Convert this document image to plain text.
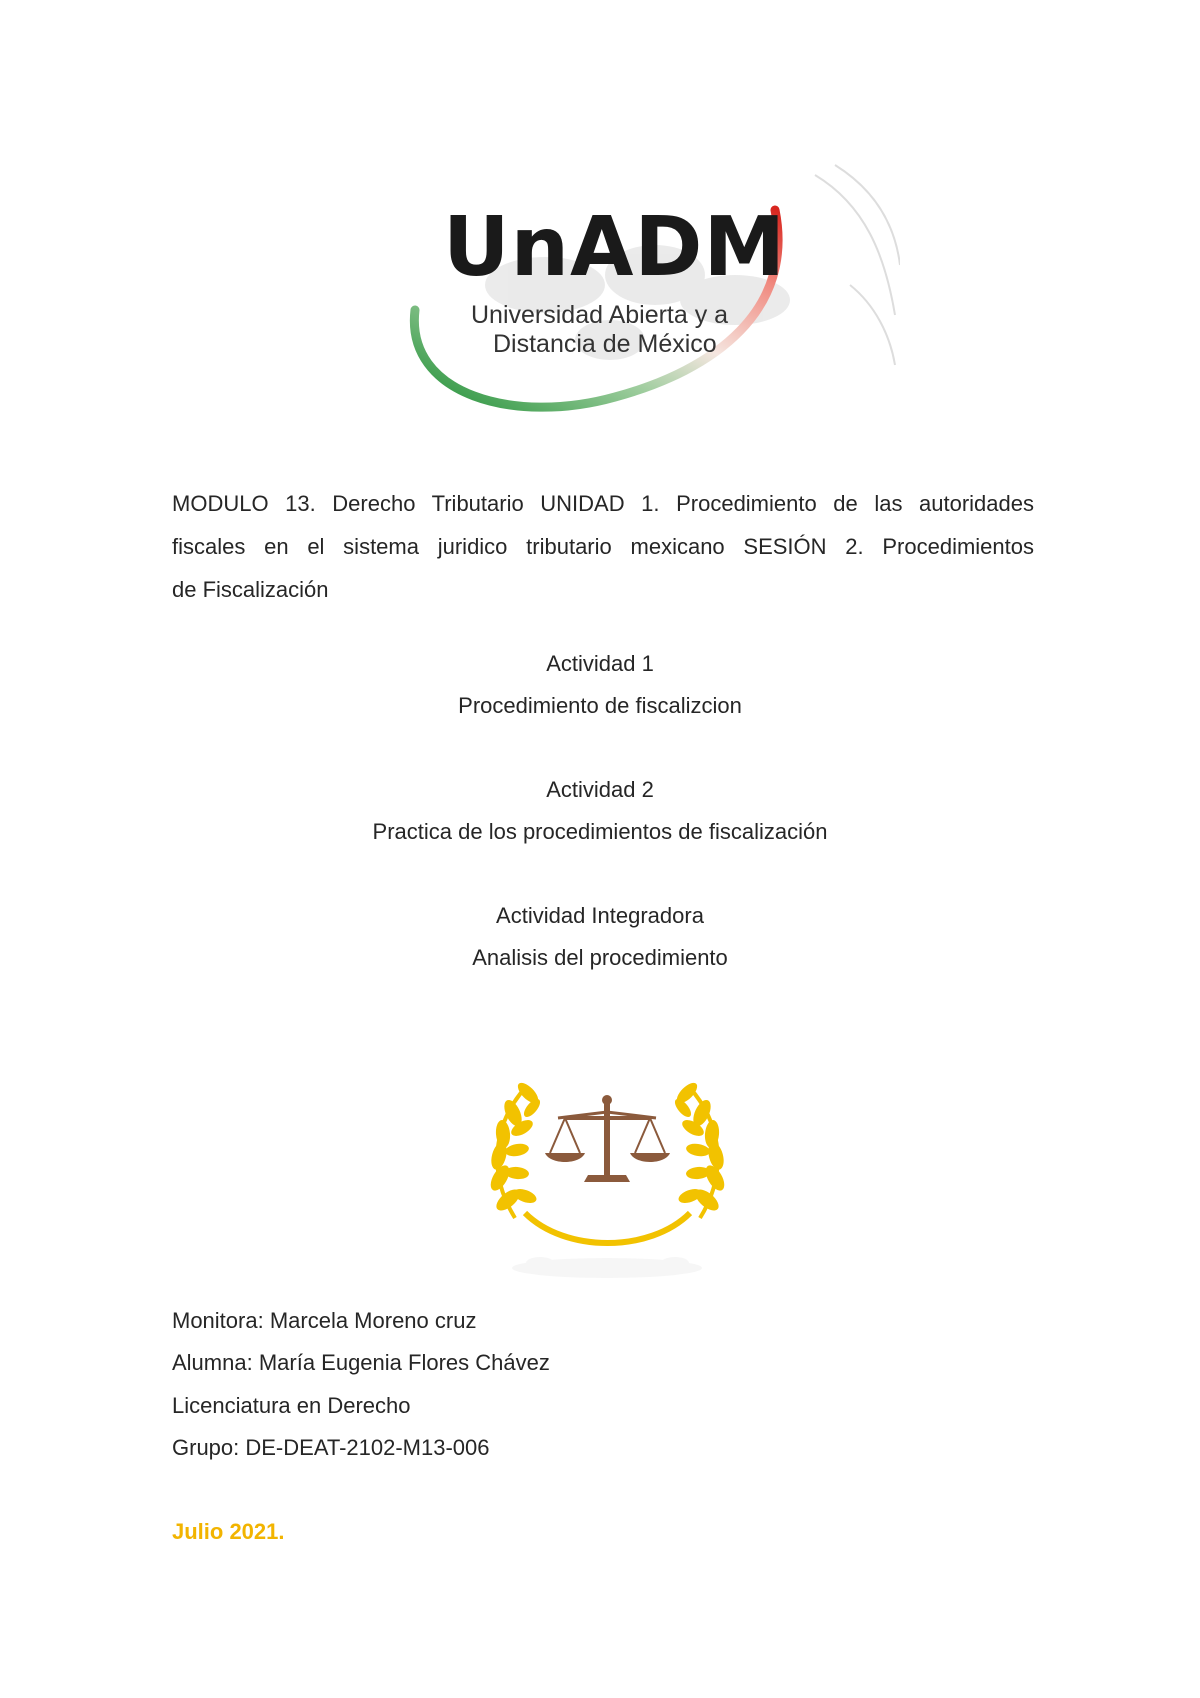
UnADM
Universidad Abierta y a
Distancia de México
MODULO 13. Derecho Tributario UNIDAD 1. Procedimiento de las autoridades
fiscales en el sistema juridico tributario mexicano SESIÓN 2. Procedimientos
de Fiscalización
Actividad 1
Procedimiento de fiscalizcion
Actividad 2
Practica de los procedimientos de fiscalización
Actividad Integradora
Analisis del procedimiento
Monitora: Marcela Moreno cruz
Alumna: María Eugenia Flores Chávez
Licenciatura en Derecho
Grupo: DE-DEAT-2102-M13-006
Julio 2021.
